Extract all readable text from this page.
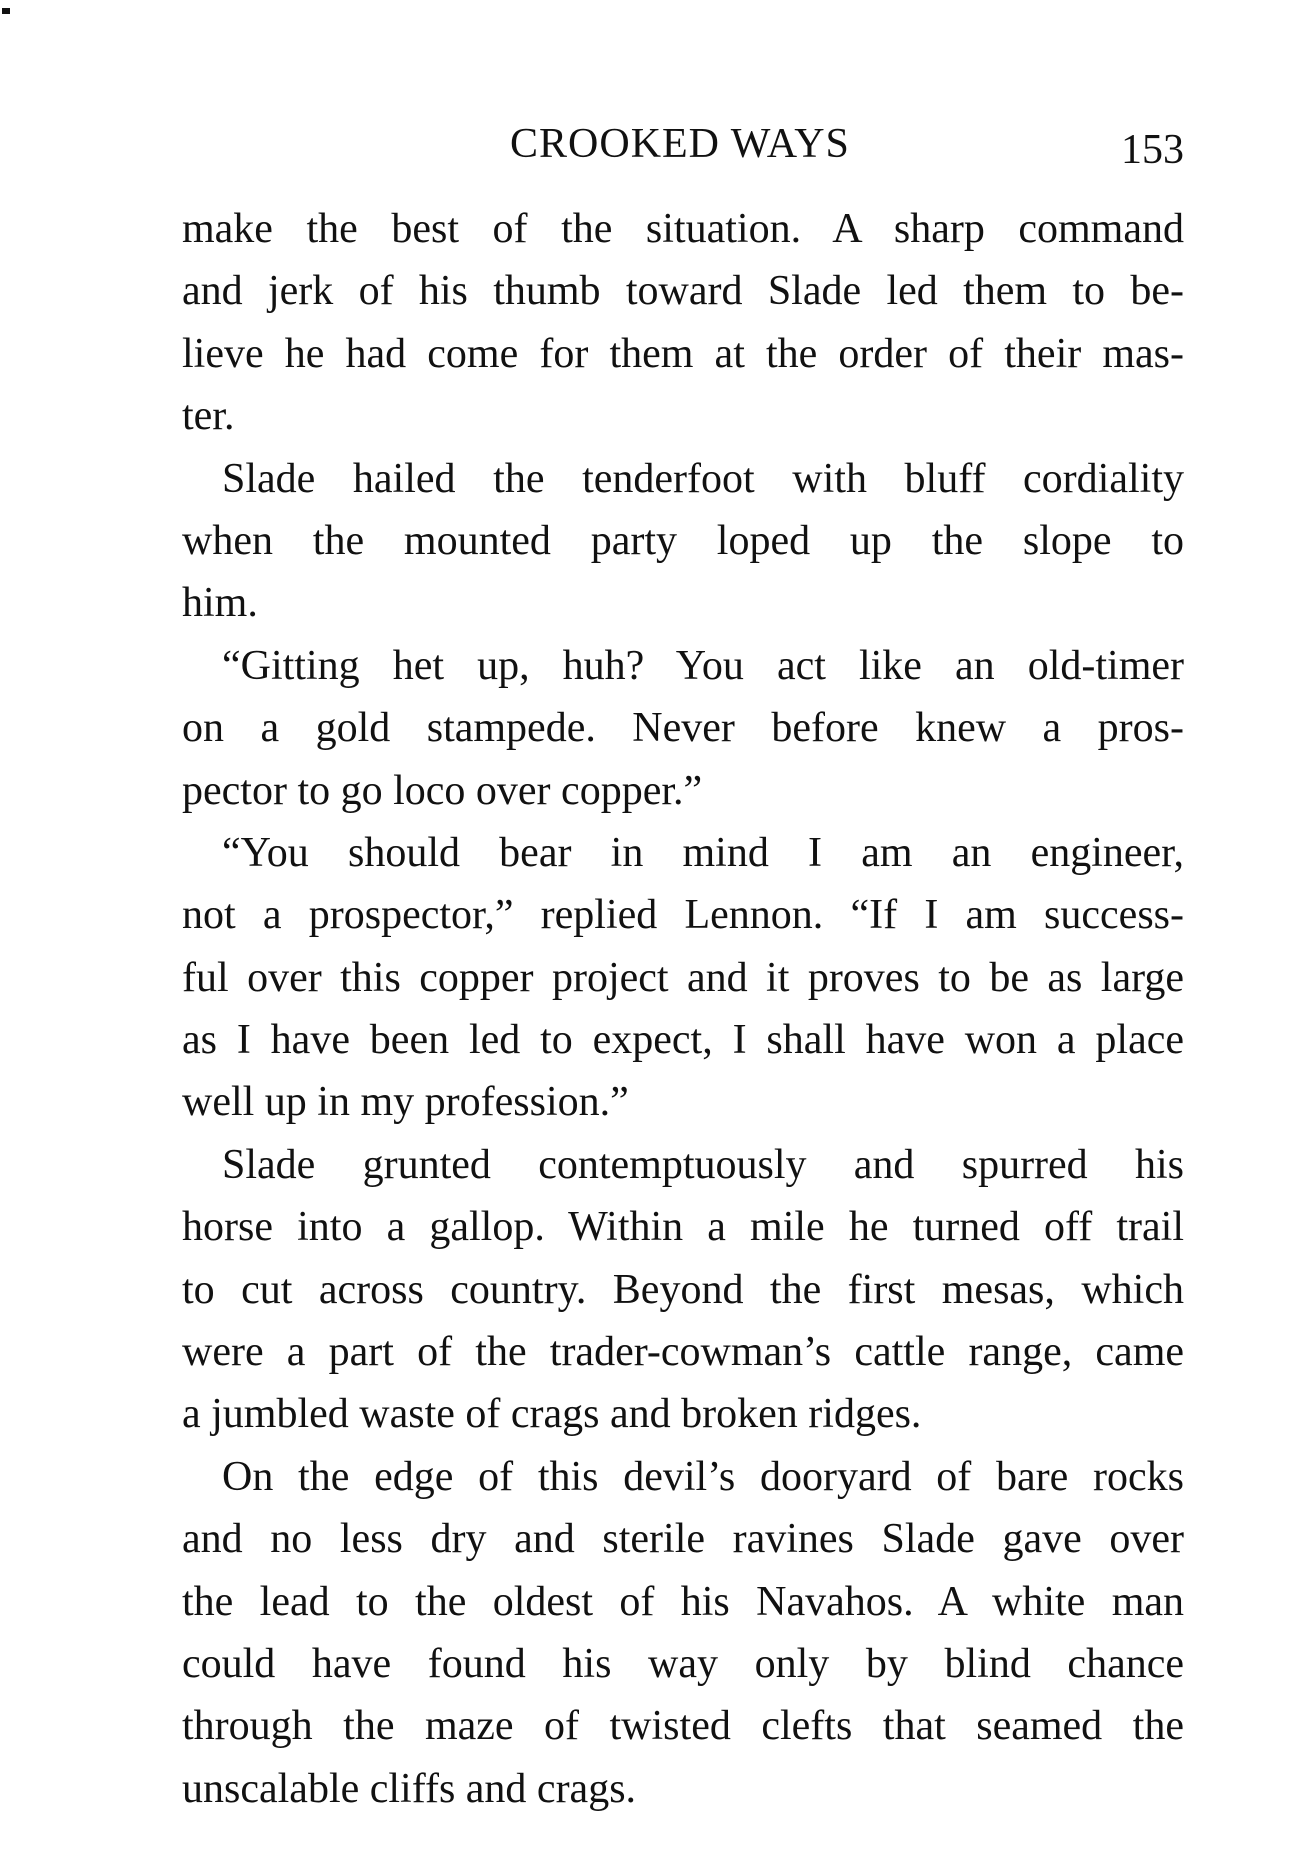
CROOKED WAYS	153
make the best of the situation. A sharp command
and jerk of his thumb toward Slade led them to be-
lieve he had come for them at the order of their mas-
ter.
Slade hailed the tenderfoot with bluff cordiality
when the mounted party loped up the slope to
him.
“Gitting het up, huh? You act like an old-timer
on a gold stampede. Never before knew a pros-
pector to go loco over copper.”
“You should bear in mind I am an engineer,
not a prospector,” replied Lennon. “If I am success-
ful over this copper project and it proves to be as large
as I have been led to expect, I shall have won a place
well up in my profession.”
Slade grunted contemptuously and spurred his
horse into a gallop. Within a mile he turned off trail
to cut across country. Beyond the first mesas, which
were a part of the trader-cowman’s cattle range, came
a jumbled waste of crags and broken ridges.
On the edge of this devil’s dooryard of bare rocks
and no less dry and sterile ravines Slade gave over
the lead to the oldest of his Navahos. A white man
could have found his way only by blind chance
through the maze of twisted clefts that seamed the
unscalable cliffs and crags.
